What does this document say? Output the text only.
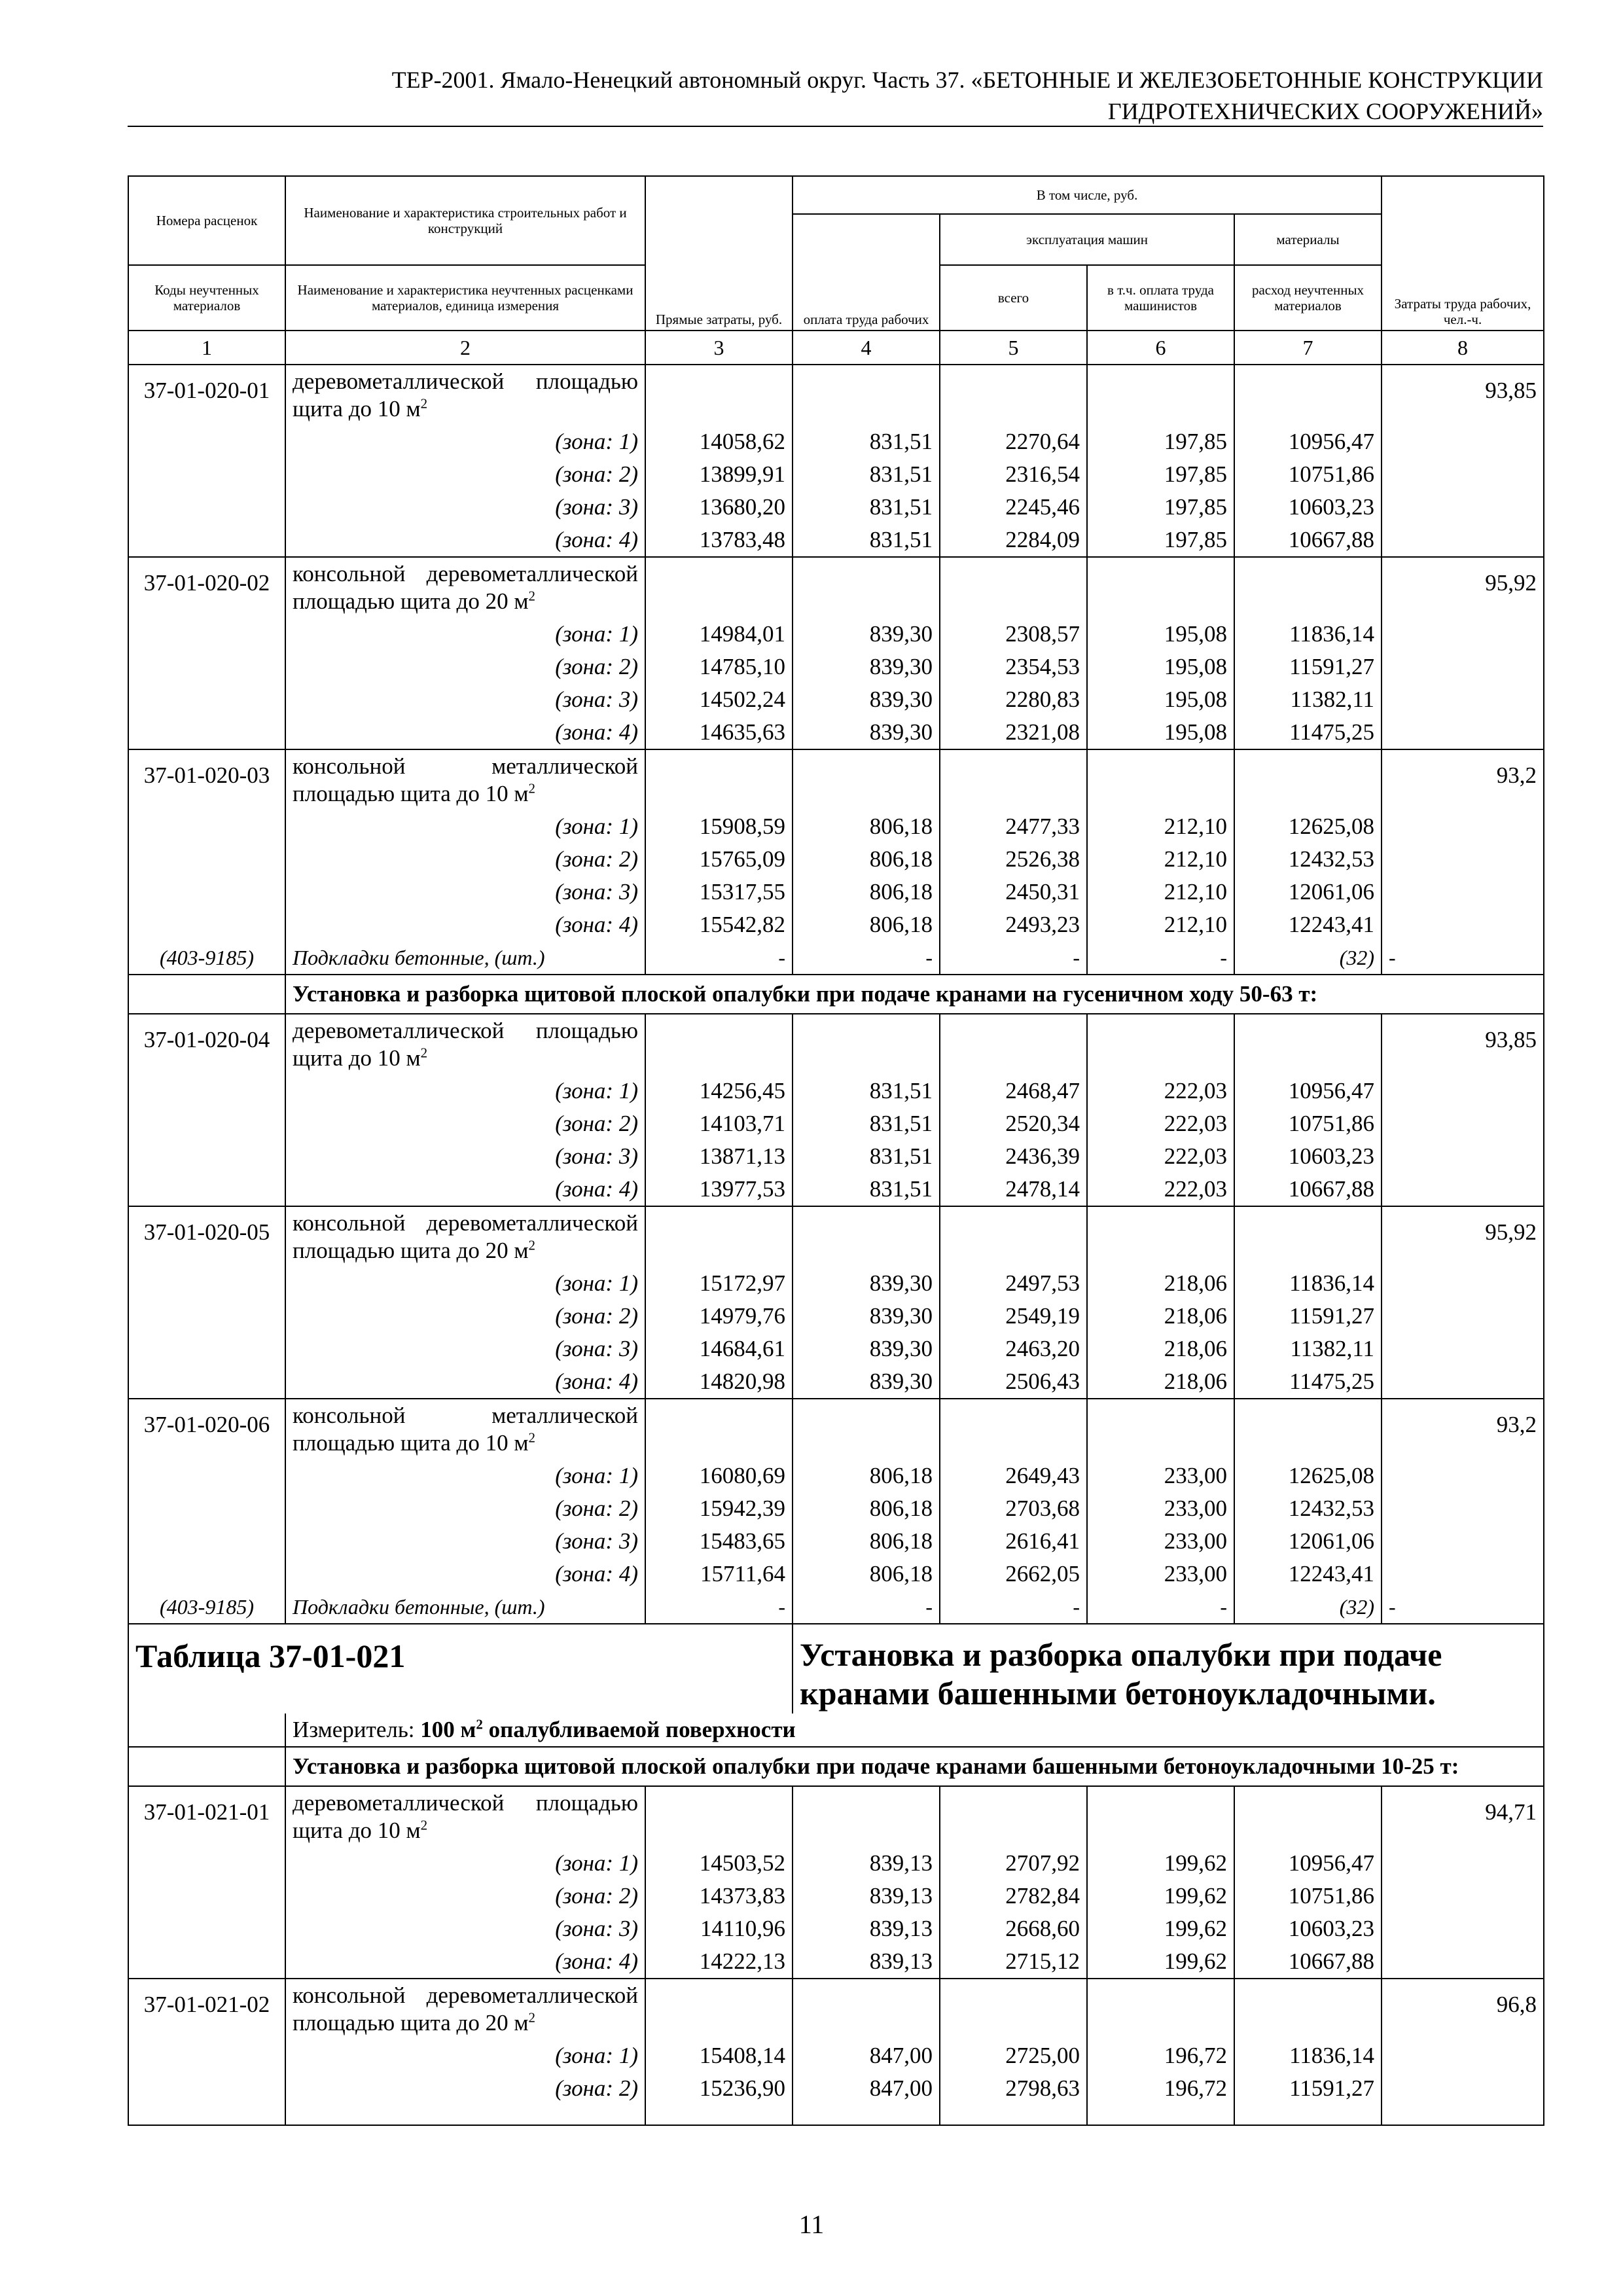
ТЕР-2001. Ямало-Ненецкий автономный округ. Часть 37. «БЕТОННЫЕ И ЖЕЛЕЗОБЕТОННЫЕ КОНСТРУКЦИИ
ГИДРОТЕХНИЧЕСКИХ СООРУЖЕНИЙ»
Номера расценок	Наименование и характеристика строительных работ и конструкций	Прямые затраты, руб.	В том числе, руб.				Затраты труда рабочих, чел.-ч.
			оплата труда рабочих	эксплуатация машин		материалы	
Коды неучтенных материалов	Наименование и характеристика неучтенных расценками материалов, единица измерения			всего	в т.ч. оплата труда машинистов	расход неучтенных материалов	
1	2	3	4	5	6	7	8
37-01-020-01	деревометаллической площадью щита до 10 $м^2$						93,85
	(зона: 1)	14058,62	831,51	2270,64	197,85	10956,47	
	(зона: 2)	13899,91	831,51	2316,54	197,85	10751,86	
	(зона: 3)	13680,20	831,51	2245,46	197,85	10603,23	
	(зона: 4)	13783,48	831,51	2284,09	197,85	10667,88	
37-01-020-02	консольной деревометаллической площадью щита до 20 $м^2$						95,92
	(зона: 1)	14984,01	839,30	2308,57	195,08	11836,14	
	(зона: 2)	14785,10	839,30	2354,53	195,08	11591,27	
	(зона: 3)	14502,24	839,30	2280,83	195,08	11382,11	
	(зона: 4)	14635,63	839,30	2321,08	195,08	11475,25	
37-01-020-03	консольной металлической площадью щита до 10 $м^2$						93,2
	(зона: 1)	15908,59	806,18	2477,33	212,10	12625,08	
	(зона: 2)	15765,09	806,18	2526,38	212,10	12432,53	
	(зона: 3)	15317,55	806,18	2450,31	212,10	12061,06	
	(зона: 4)	15542,82	806,18	2493,23	212,10	12243,41	
(403-9185)	Подкладки бетонные, (шт.)	-	-	-	-	(32)	-
	Установка и разборка щитовой плоской опалубки при подаче кранами на гусеничном ходу 50-63 т:						
37-01-020-04	деревометаллической площадью щита до 10 $м^2$						93,85
	(зона: 1)	14256,45	831,51	2468,47	222,03	10956,47	
	(зона: 2)	14103,71	831,51	2520,34	222,03	10751,86	
	(зона: 3)	13871,13	831,51	2436,39	222,03	10603,23	
	(зона: 4)	13977,53	831,51	2478,14	222,03	10667,88	
37-01-020-05	консольной деревометаллической площадью щита до 20 $м^2$						95,92
	(зона: 1)	15172,97	839,30	2497,53	218,06	11836,14	
	(зона: 2)	14979,76	839,30	2549,19	218,06	11591,27	
	(зона: 3)	14684,61	839,30	2463,20	218,06	11382,11	
	(зона: 4)	14820,98	839,30	2506,43	218,06	11475,25	
37-01-020-06	консольной металлической площадью щита до 10 $м^2$						93,2
	(зона: 1)	16080,69	806,18	2649,43	233,00	12625,08	
	(зона: 2)	15942,39	806,18	2703,68	233,00	12432,53	
	(зона: 3)	15483,65	806,18	2616,41	233,00	12061,06	
	(зона: 4)	15711,64	806,18	2662,05	233,00	12243,41	
(403-9185)	Подкладки бетонные, (шт.)	-	-	-	-	(32)	-
Таблица 37-01-021			Установка и разборка опалубки при подаче кранами башенными бетоноукладочными.				
	Измеритель: 100 $м^2$ опалубливаемой поверхности						
	Установка и разборка щитовой плоской опалубки при подаче кранами башенными бетоноукладочными 10-25 т:						
37-01-021-01	деревометаллической площадью щита до 10 $м^2$						94,71
	(зона: 1)	14503,52	839,13	2707,92	199,62	10956,47	
	(зона: 2)	14373,83	839,13	2782,84	199,62	10751,86	
	(зона: 3)	14110,96	839,13	2668,60	199,62	10603,23	
	(зона: 4)	14222,13	839,13	2715,12	199,62	10667,88	
37-01-021-02	консольной деревометаллической площадью щита до 20 $м^2$						96,8
	(зона: 1)	15408,14	847,00	2725,00	196,72	11836,14	
	(зона: 2)	15236,90	847,00	2798,63	196,72	11591,27	

11
